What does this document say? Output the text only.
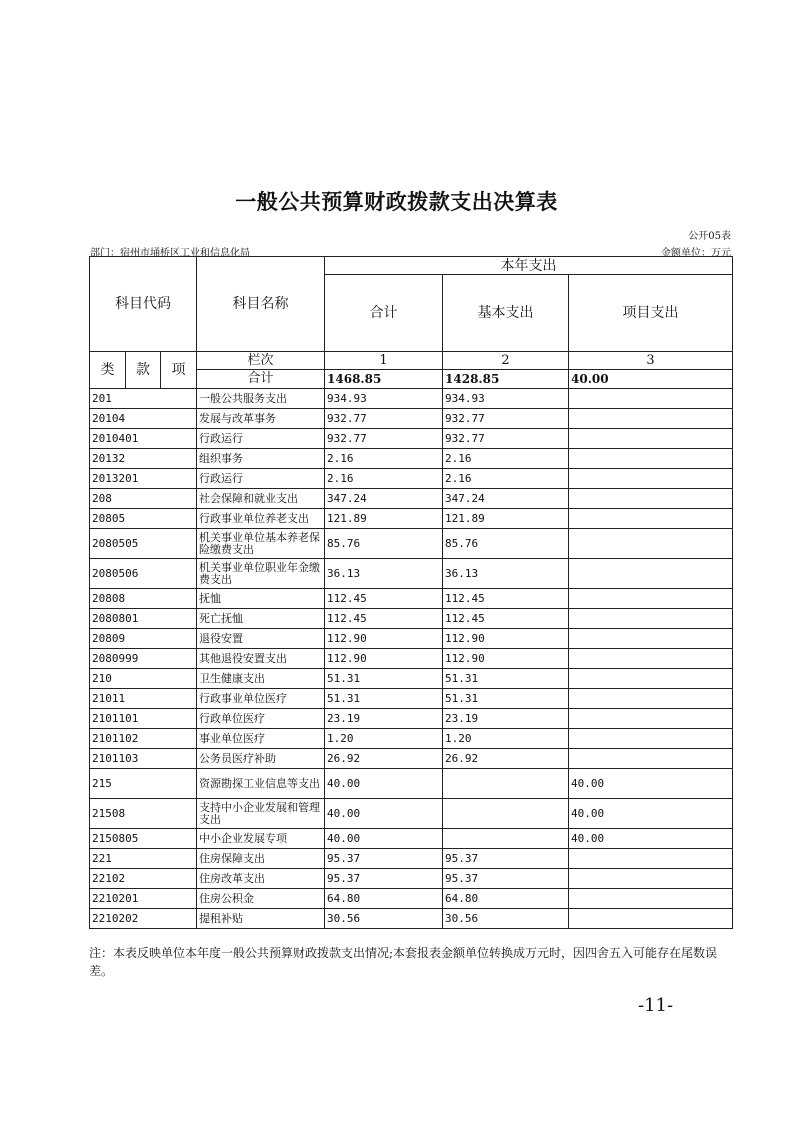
一般公共预算财政拨款支出决算表
公开05表
部门：宿州市埇桥区工业和信息化局	金额单位：万元
科目代码			科目名称	本年支出		
				合计	基本支出	项目支出
类	款	项	栏次	1	2	3
			合计	1468.85	1428.85	40.00
201			一般公共服务支出	934.93	934.93	
20104			发展与改革事务	932.77	932.77	
2010401			行政运行	932.77	932.77	
20132			组织事务	2.16	2.16	
2013201			行政运行	2.16	2.16	
208			社会保障和就业支出	347.24	347.24	
20805			行政事业单位养老支出	121.89	121.89	
2080505			机关事业单位基本养老保险缴费支出	85.76	85.76	
2080506			机关事业单位职业年金缴费支出	36.13	36.13	
20808			抚恤	112.45	112.45	
2080801			死亡抚恤	112.45	112.45	
20809			退役安置	112.90	112.90	
2080999			其他退役安置支出	112.90	112.90	
210			卫生健康支出	51.31	51.31	
21011			行政事业单位医疗	51.31	51.31	
2101101			行政单位医疗	23.19	23.19	
2101102			事业单位医疗	1.20	1.20	
2101103			公务员医疗补助	26.92	26.92	
215			资源勘探工业信息等支出	40.00		40.00
21508			支持中小企业发展和管理支出	40.00		40.00
2150805			中小企业发展专项	40.00		40.00
221			住房保障支出	95.37	95.37	
22102			住房改革支出	95.37	95.37	
2210201			住房公积金	64.80	64.80	
2210202			提租补贴	30.56	30.56	
注：本表反映单位本年度一般公共预算财政拨款支出情况;本套报表金额单位转换成万元时，因四舍五入可能存在尾数误差。
-11-
